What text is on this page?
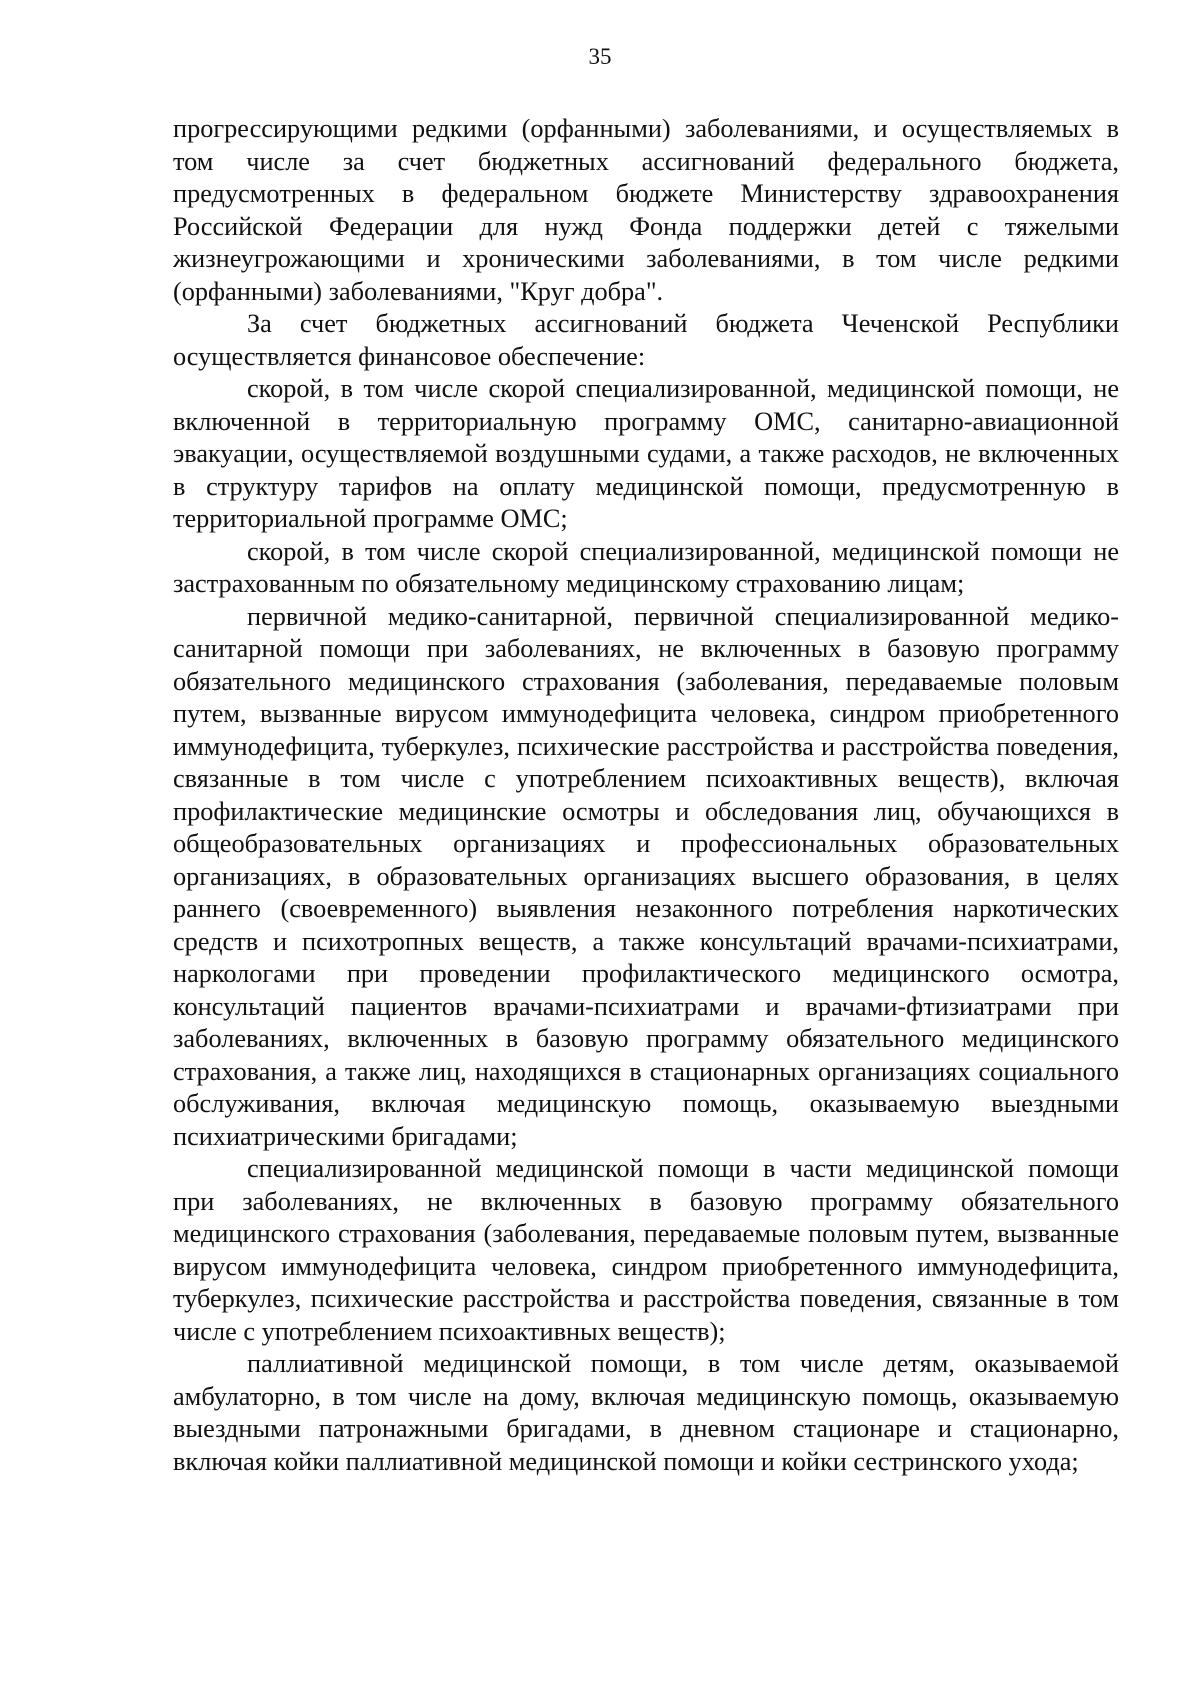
35

прогрессирующими редкими (орфанными) заболеваниями, и осуществляемых в том числе за счет бюджетных ассигнований федерального бюджета, предусмотренных в федеральном бюджете Министерству здравоохранения Российской Федерации для нужд Фонда поддержки детей с тяжелыми жизнеугрожающими и хроническими заболеваниями, в том числе редкими (орфанными) заболеваниями, "Круг добра".

За счет бюджетных ассигнований бюджета Чеченской Республики осуществляется финансовое обеспечение:

скорой, в том числе скорой специализированной, медицинской помощи, не включенной в территориальную программу ОМС, санитарно-авиационной эвакуации, осуществляемой воздушными судами, а также расходов, не включенных в структуру тарифов на оплату медицинской помощи, предусмотренную в территориальной программе ОМС;

скорой, в том числе скорой специализированной, медицинской помощи не застрахованным по обязательному медицинскому страхованию лицам;

первичной медико-санитарной, первичной специализированной медико-санитарной помощи при заболеваниях, не включенных в базовую программу обязательного медицинского страхования (заболевания, передаваемые половым путем, вызванные вирусом иммунодефицита человека, синдром приобретенного иммунодефицита, туберкулез, психические расстройства и расстройства поведения, связанные в том числе с употреблением психоактивных веществ), включая профилактические медицинские осмотры и обследования лиц, обучающихся в общеобразовательных организациях и профессиональных образовательных организациях, в образовательных организациях высшего образования, в целях раннего (своевременного) выявления незаконного потребления наркотических средств и психотропных веществ, а также консультаций врачами-психиатрами, наркологами при проведении профилактического медицинского осмотра, консультаций пациентов врачами-психиатрами и врачами-фтизиатрами при заболеваниях, включенных в базовую программу обязательного медицинского страхования, а также лиц, находящихся в стационарных организациях социального обслуживания, включая медицинскую помощь, оказываемую выездными психиатрическими бригадами;

специализированной медицинской помощи в части медицинской помощи при заболеваниях, не включенных в базовую программу обязательного медицинского страхования (заболевания, передаваемые половым путем, вызванные вирусом иммунодефицита человека, синдром приобретенного иммунодефицита, туберкулез, психические расстройства и расстройства поведения, связанные в том числе с употреблением психоактивных веществ);

паллиативной медицинской помощи, в том числе детям, оказываемой амбулаторно, в том числе на дому, включая медицинскую помощь, оказываемую выездными патронажными бригадами, в дневном стационаре и стационарно, включая койки паллиативной медицинской помощи и койки сестринского ухода;
